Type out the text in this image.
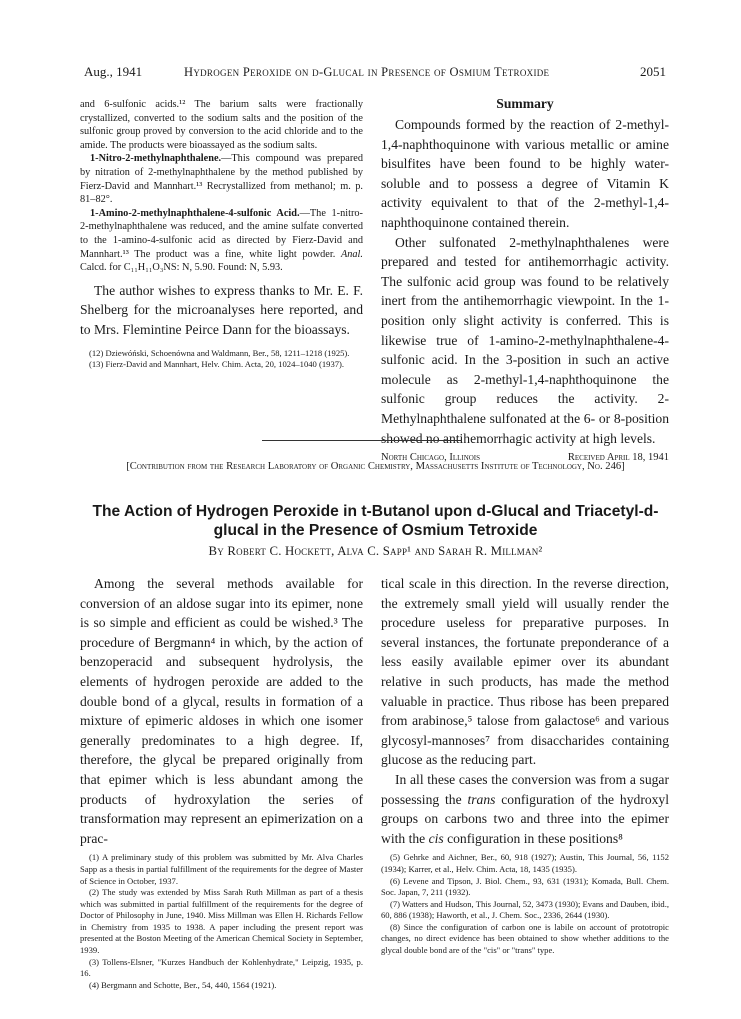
Aug., 1941	Hydrogen Peroxide on d-Glucal in Presence of Osmium Tetroxide	2051

and 6-sulfonic acids.¹² The barium salts were fractionally crystallized, converted to the sodium salts and the position of the sulfonic group proved by conversion to the acid chloride and to the amide. The products were bioassayed as the sodium salts.

1-Nitro-2-methylnaphthalene.—This compound was prepared by nitration of 2-methylnaphthalene by the method published by Fierz-David and Mannhart.¹³ Recrystallized from methanol; m. p. 81–82°.

1-Amino-2-methylnaphthalene-4-sulfonic Acid.—The 1-nitro-2-methylnaphthalene was reduced, and the amine sulfate converted to the 1-amino-4-sulfonic acid as directed by Fierz-David and Mannhart.¹³ The product was a fine, white light powder. Anal. Calcd. for C₁₁H₁₁O₃NS: N, 5.90. Found: N, 5.93.

The author wishes to express thanks to Mr. E. F. Shelberg for the microanalyses here reported, and to Mrs. Flemintine Peirce Dann for the bioassays.

(12) Dziewóński, Schoenówna and Waldmann, Ber., 58, 1211–1218 (1925).

(13) Fierz-David and Mannhart, Helv. Chim. Acta, 20, 1024–1040 (1937).

Summary

Compounds formed by the reaction of 2-methyl-1,4-naphthoquinone with various metallic or amine bisulfites have been found to be highly water-soluble and to possess a degree of Vitamin K activity equivalent to that of the 2-methyl-1,4-naphthoquinone contained therein.

Other sulfonated 2-methylnaphthalenes were prepared and tested for antihemorrhagic activity. The sulfonic acid group was found to be relatively inert from the antihemorrhagic viewpoint. In the 1-position only slight activity is conferred. This is likewise true of 1-amino-2-methylnaphthalene-4-sulfonic acid. In the 3-position in such an active molecule as 2-methyl-1,4-naphthoquinone the sulfonic group reduces the activity. 2-Methylnaphthalene sulfonated at the 6- or 8-position showed no antihemorrhagic activity at high levels.

North Chicago, Illinois	Received April 18, 1941
[Contribution from the Research Laboratory of Organic Chemistry, Massachusetts Institute of Technology, No. 246]
The Action of Hydrogen Peroxide in t-Butanol upon d-Glucal and Triacetyl-d-glucal in the Presence of Osmium Tetroxide
By Robert C. Hockett, Alva C. Sapp¹ and Sarah R. Millman²

Among the several methods available for conversion of an aldose sugar into its epimer, none is so simple and efficient as could be wished.³ The procedure of Bergmann⁴ in which, by the action of benzoperacid and subsequent hydrolysis, the elements of hydrogen peroxide are added to the double bond of a glycal, results in formation of a mixture of epimeric aldoses in which one isomer generally predominates to a high degree. If, therefore, the glycal be prepared originally from that epimer which is less abundant among the products of hydroxylation the series of transformation may represent an epimerization on a prac-

(1) A preliminary study of this problem was submitted by Mr. Alva Charles Sapp as a thesis in partial fulfillment of the requirements for the degree of Master of Science in October, 1937.

(2) The study was extended by Miss Sarah Ruth Millman as part of a thesis which was submitted in partial fulfillment of the requirements for the degree of Doctor of Philosophy in June, 1940. Miss Millman was Ellen H. Richards Fellow in Chemistry from 1935 to 1938. A paper including the present report was presented at the Boston Meeting of the American Chemical Society in September, 1939.

(3) Tollens-Elsner, "Kurzes Handbuch der Kohlenhydrate," Leipzig, 1935, p. 16.

(4) Bergmann and Schotte, Ber., 54, 440, 1564 (1921).

tical scale in this direction. In the reverse direction, the extremely small yield will usually render the procedure useless for preparative purposes. In several instances, the fortunate preponderance of a less easily available epimer over its abundant relative in such products, has made the method valuable in practice. Thus ribose has been prepared from arabinose,⁵ talose from galactose⁶ and various glycosyl-mannoses⁷ from disaccharides containing glucose as the reducing part.

In all these cases the conversion was from a sugar possessing the trans configuration of the hydroxyl groups on carbons two and three into the epimer with the cis configuration in these positions⁸

(5) Gehrke and Aichner, Ber., 60, 918 (1927); Austin, This Journal, 56, 1152 (1934); Karrer, et al., Helv. Chim. Acta, 18, 1435 (1935).

(6) Levene and Tipson, J. Biol. Chem., 93, 631 (1931); Komada, Bull. Chem. Soc. Japan, 7, 211 (1932).

(7) Watters and Hudson, This Journal, 52, 3473 (1930); Evans and Dauben, ibid., 60, 886 (1938); Haworth, et al., J. Chem. Soc., 2336, 2644 (1930).

(8) Since the configuration of carbon one is labile on account of prototropic changes, no direct evidence has been obtained to show whether additions to the glycal double bond are of the "cis" or "trans" type.
